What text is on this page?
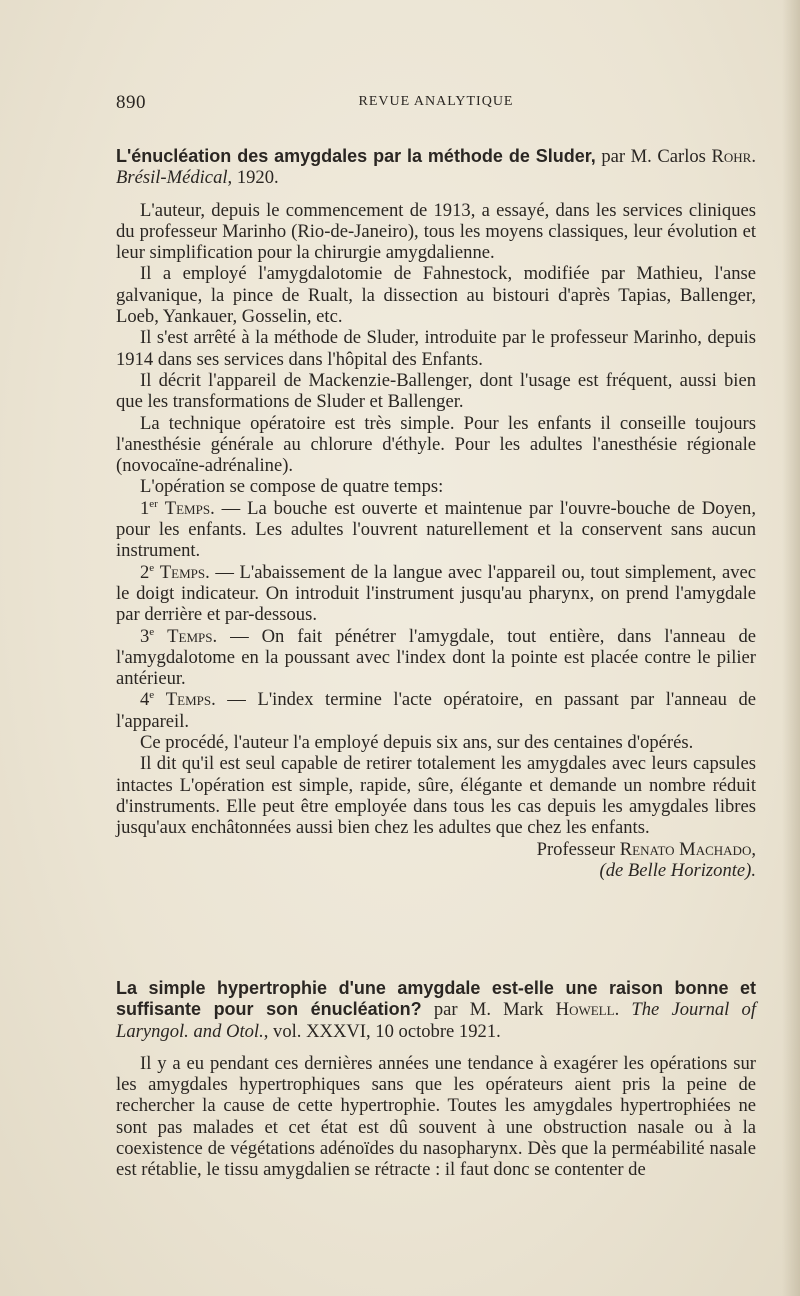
890	REVUE ANALYTIQUE

L'énucléation des amygdales par la méthode de Sluder, par M. Carlos Rohr. Brésil-Médical, 1920.

L'auteur, depuis le commencement de 1913, a essayé, dans les services cliniques du professeur Marinho (Rio-de-Janeiro), tous les moyens classiques, leur évolution et leur simplification pour la chirurgie amygdalienne.

Il a employé l'amygdalotomie de Fahnestock, modifiée par Mathieu, l'anse galvanique, la pince de Rualt, la dissection au bistouri d'après Tapias, Ballenger, Loeb, Yankauer, Gosselin, etc.

Il s'est arrêté à la méthode de Sluder, introduite par le professeur Marinho, depuis 1914 dans ses services dans l'hôpital des Enfants.

Il décrit l'appareil de Mackenzie-Ballenger, dont l'usage est fréquent, aussi bien que les transformations de Sluder et Ballenger.

La technique opératoire est très simple. Pour les enfants il conseille toujours l'anesthésie générale au chlorure d'éthyle. Pour les adultes l'anesthésie régionale (novocaïne-adrénaline).

L'opération se compose de quatre temps:

1er Temps. — La bouche est ouverte et maintenue par l'ouvre-bouche de Doyen, pour les enfants. Les adultes l'ouvrent naturellement et la conservent sans aucun instrument.

2e Temps. — L'abaissement de la langue avec l'appareil ou, tout simplement, avec le doigt indicateur. On introduit l'instrument jusqu'au pharynx, on prend l'amygdale par derrière et par-dessous.

3e Temps. — On fait pénétrer l'amygdale, tout entière, dans l'anneau de l'amygdalotome en la poussant avec l'index dont la pointe est placée contre le pilier antérieur.

4e Temps. — L'index termine l'acte opératoire, en passant par l'anneau de l'appareil.

Ce procédé, l'auteur l'a employé depuis six ans, sur des centaines d'opérés.

Il dit qu'il est seul capable de retirer totalement les amygdales avec leurs capsules intactes L'opération est simple, rapide, sûre, élégante et demande un nombre réduit d'instruments. Elle peut être employée dans tous les cas depuis les amygdales libres jusqu'aux enchâtonnées aussi bien chez les adultes que chez les enfants.

Professeur Renato Machado,

(de Belle Horizonte).

La simple hypertrophie d'une amygdale est-elle une raison bonne et suffisante pour son énucléation? par M. Mark Howell. The Journal of Laryngol. and Otol., vol. XXXVI, 10 octobre 1921.

Il y a eu pendant ces dernières années une tendance à exagérer les opérations sur les amygdales hypertrophiques sans que les opérateurs aient pris la peine de rechercher la cause de cette hypertrophie. Toutes les amygdales hypertrophiées ne sont pas malades et cet état est dû souvent à une obstruction nasale ou à la coexistence de végétations adénoïdes du nasopharynx. Dès que la perméabilité nasale est rétablie, le tissu amygdalien se rétracte : il faut donc se contenter de
